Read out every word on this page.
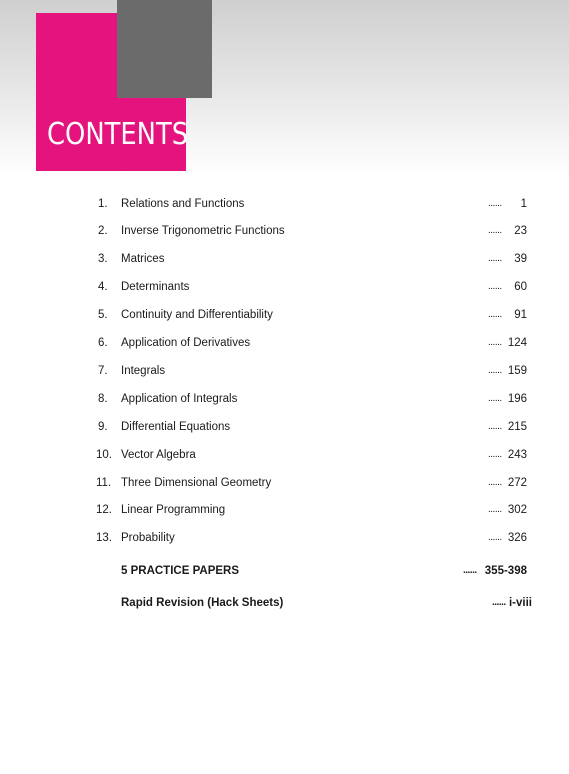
CONTENTS
1. Relations and Functions	...... 1
2. Inverse Trigonometric Functions	...... 23
3. Matrices	...... 39
4. Determinants	...... 60
5. Continuity and Differentiability	...... 91
6. Application of Derivatives	...... 124
7. Integrals	...... 159
8. Application of Integrals	...... 196
9. Differential Equations	...... 215
10. Vector Algebra	...... 243
11. Three Dimensional Geometry	...... 272
12. Linear Programming	...... 302
13. Probability	...... 326
5 PRACTICE PAPERS	...... 355-398
Rapid Revision (Hack Sheets)	...... i-viii
